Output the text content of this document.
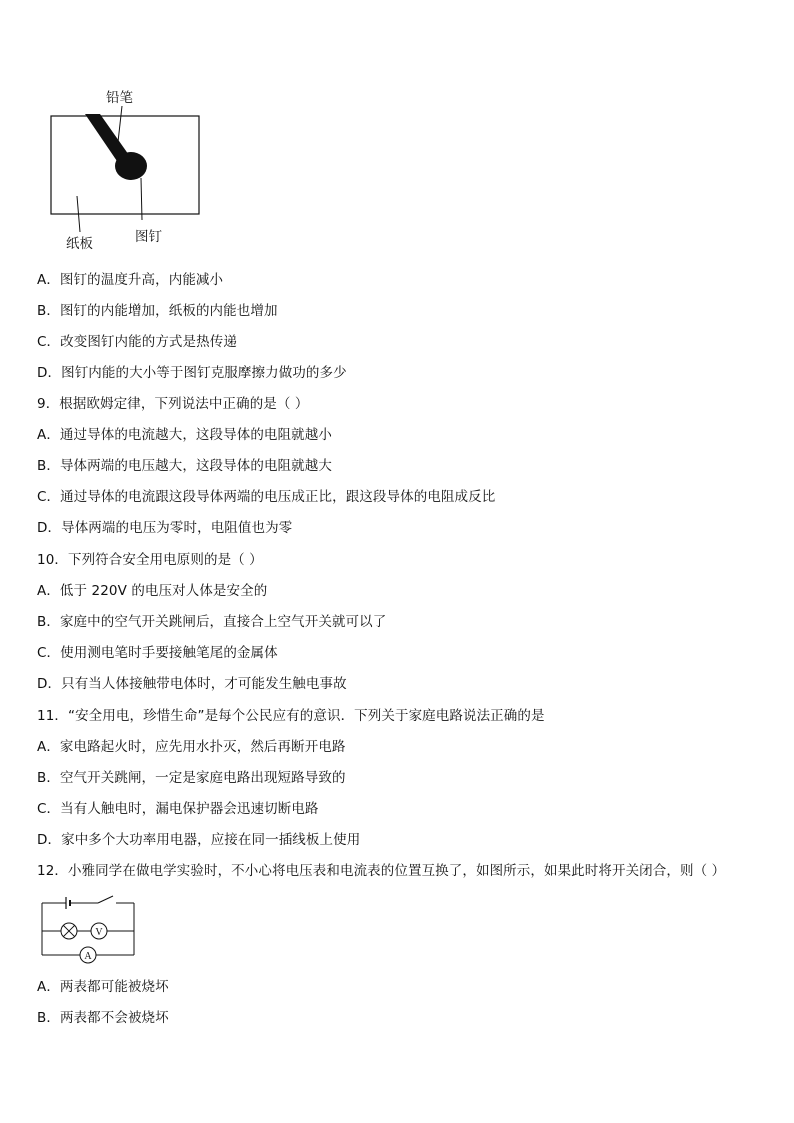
铅笔
纸板	图钉
A．图钉的温度升高，内能减小
B．图钉的内能增加，纸板的内能也增加
C．改变图钉内能的方式是热传递
D．图钉内能的大小等于图钉克服摩擦力做功的多少
9．根据欧姆定律，下列说法中正确的是（ ）
A．通过导体的电流越大，这段导体的电阻就越小
B．导体两端的电压越大，这段导体的电阻就越大
C．通过导体的电流跟这段导体两端的电压成正比，跟这段导体的电阻成反比
D．导体两端的电压为零时，电阻值也为零
10．下列符合安全用电原则的是（ ）
A．低于 220V 的电压对人体是安全的
B．家庭中的空气开关跳闸后，直接合上空气开关就可以了
C．使用测电笔时手要接触笔尾的金属体
D．只有当人体接触带电体时，才可能发生触电事故
11．“安全用电，珍惜生命”是每个公民应有的意识．下列关于家庭电路说法正确的是
A．家电路起火时，应先用水扑灭，然后再断开电路
B．空气开关跳闸，一定是家庭电路出现短路导致的
C．当有人触电时，漏电保护器会迅速切断电路
D．家中多个大功率用电器，应接在同一插线板上使用
12．小雅同学在做电学实验时，不小心将电压表和电流表的位置互换了，如图所示，如果此时将开关闭合，则（ ）
V
A
A．两表都可能被烧坏
B．两表都不会被烧坏
